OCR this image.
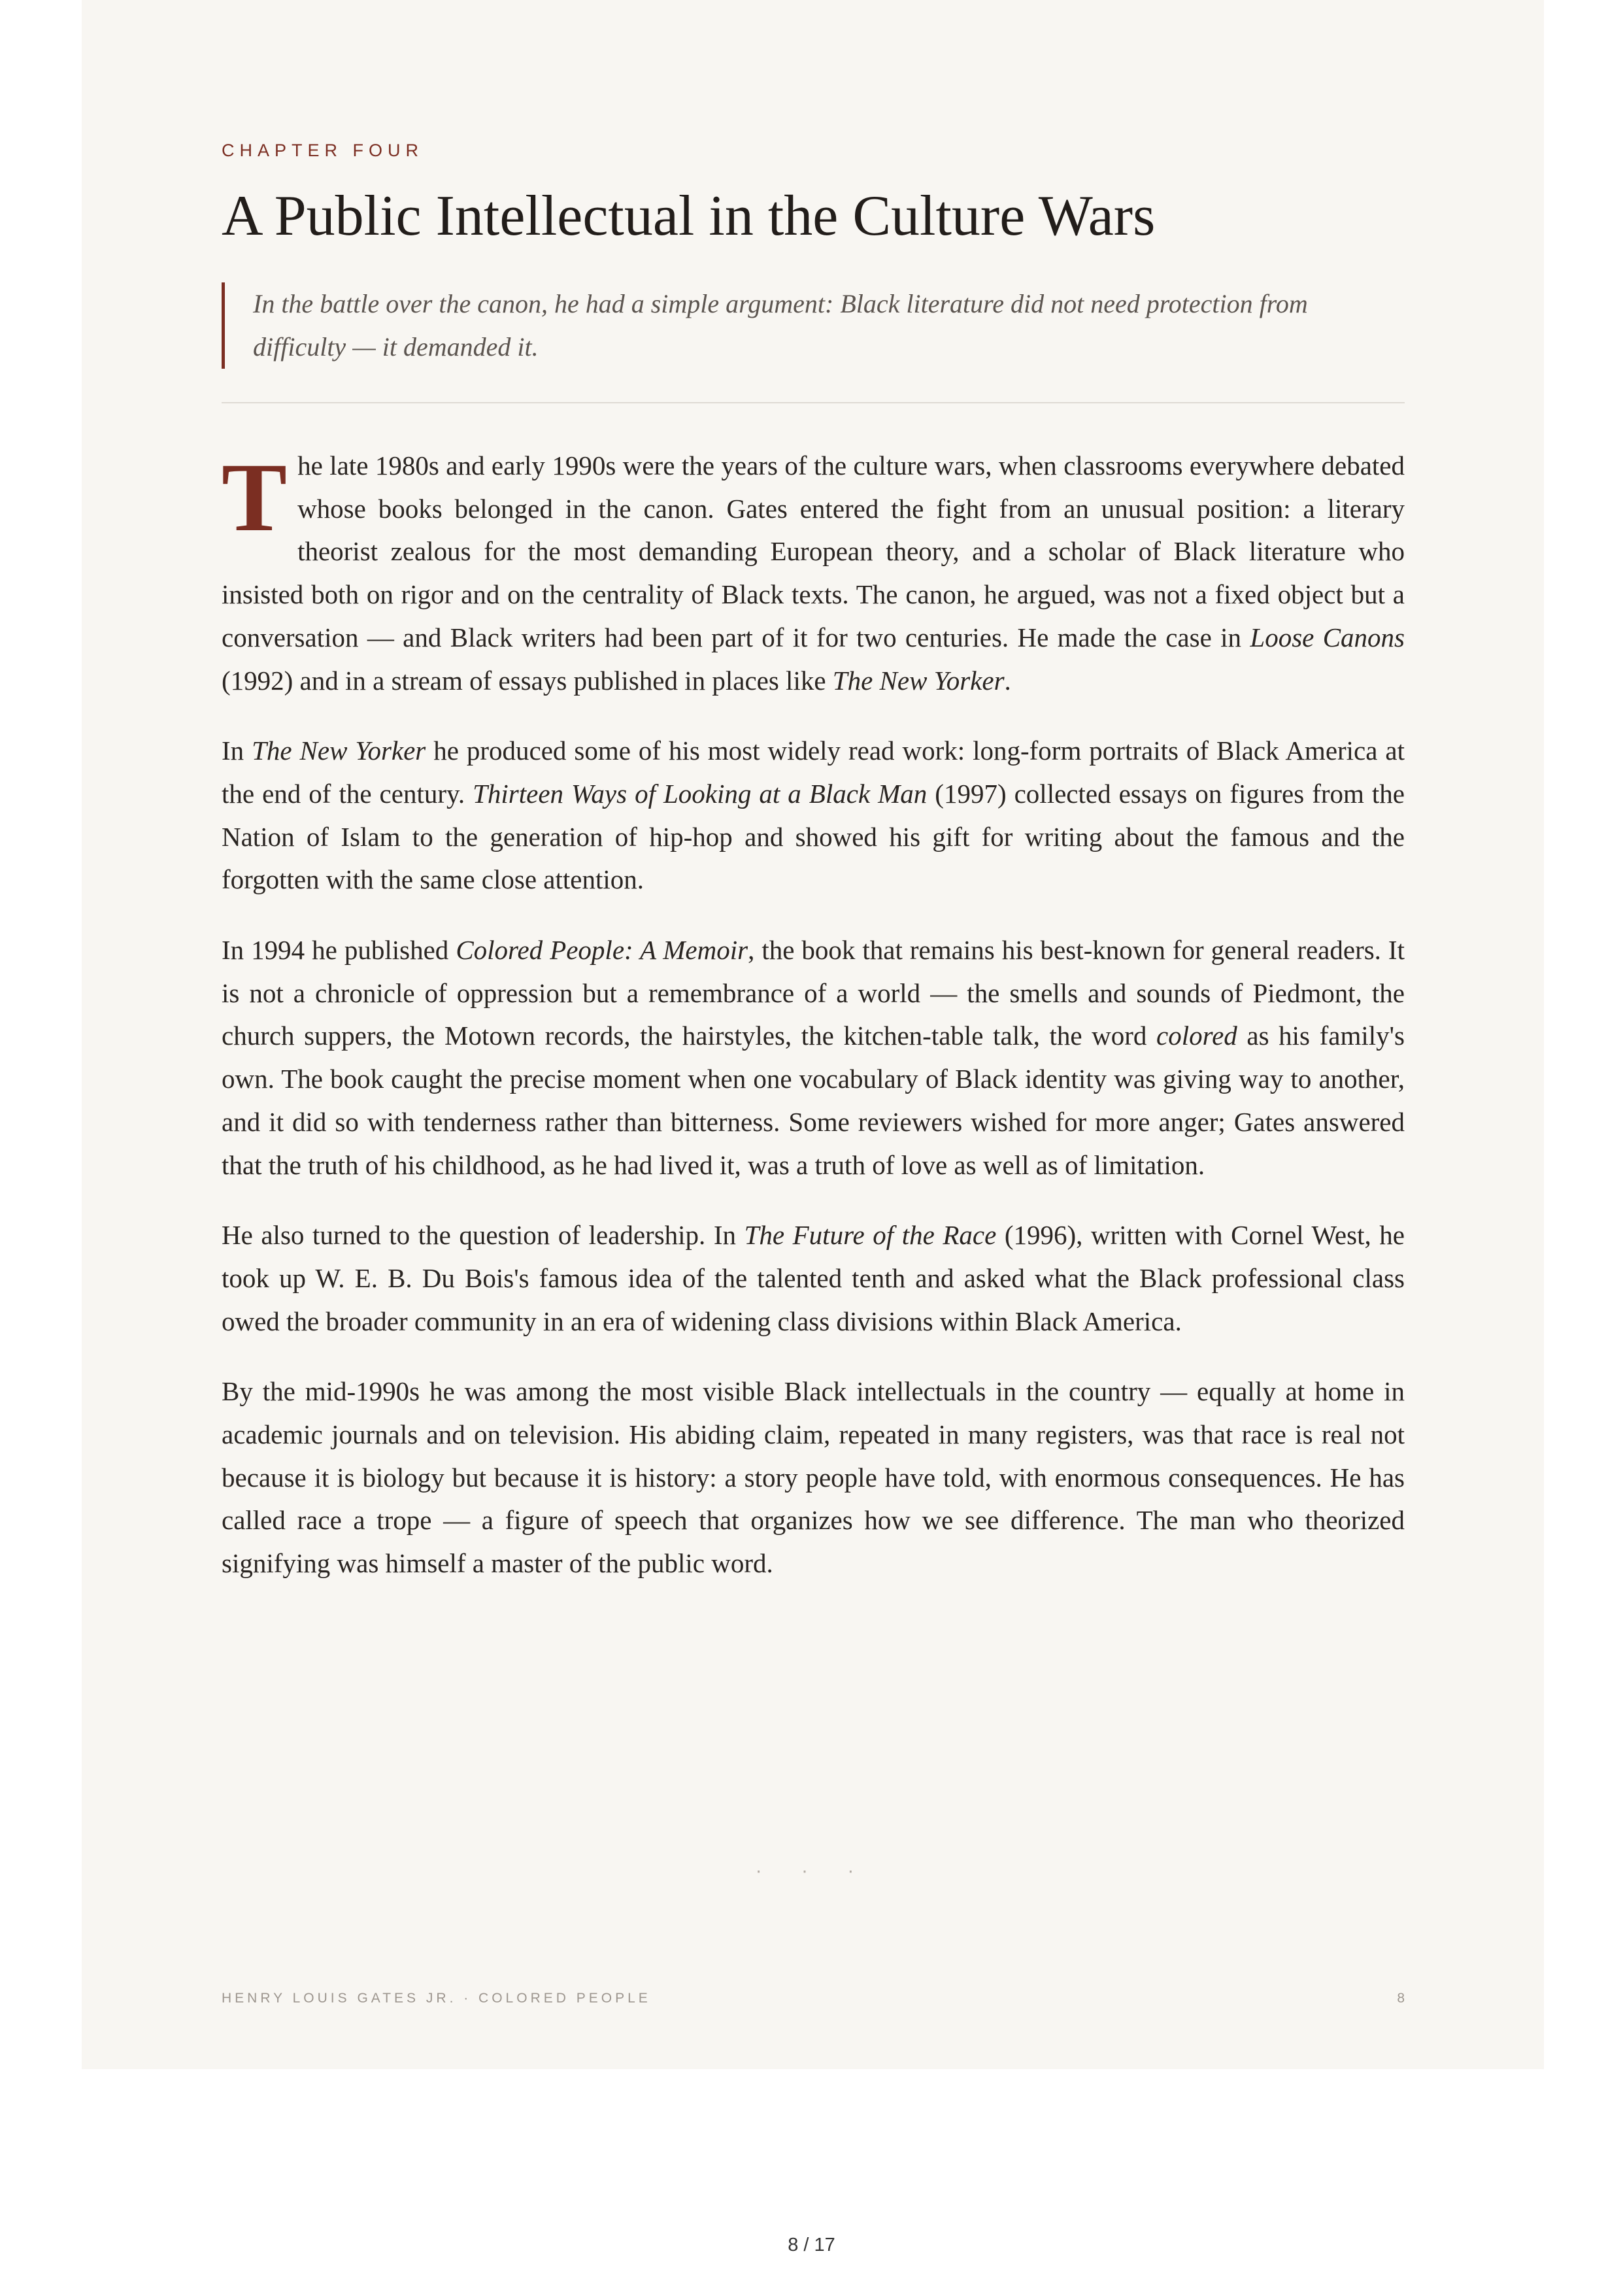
CHAPTER FOUR
A Public Intellectual in the Culture Wars
In the battle over the canon, he had a simple argument: Black literature did not need protection from difficulty — it demanded it.

The late 1980s and early 1990s were the years of the culture wars, when classrooms everywhere debated whose books belonged in the canon. Gates entered the fight from an unusual position: a literary theorist zealous for the most demanding European theory, and a scholar of Black literature who insisted both on rigor and on the centrality of Black texts. The canon, he argued, was not a fixed object but a conversation — and Black writers had been part of it for two centuries. He made the case in Loose Canons (1992) and in a stream of essays published in places like The New Yorker.

In The New Yorker he produced some of his most widely read work: long-form portraits of Black America at the end of the century. Thirteen Ways of Looking at a Black Man (1997) collected essays on figures from the Nation of Islam to the generation of hip-hop and showed his gift for writing about the famous and the forgotten with the same close attention.

In 1994 he published Colored People: A Memoir, the book that remains his best-known for general readers. It is not a chronicle of oppression but a remembrance of a world — the smells and sounds of Piedmont, the church suppers, the Motown records, the hairstyles, the kitchen-table talk, the word colored as his family's own. The book caught the precise moment when one vocabulary of Black identity was giving way to another, and it did so with tenderness rather than bitterness. Some reviewers wished for more anger; Gates answered that the truth of his childhood, as he had lived it, was a truth of love as well as of limitation.

He also turned to the question of leadership. In The Future of the Race (1996), written with Cornel West, he took up W. E. B. Du Bois's famous idea of the talented tenth and asked what the Black professional class owed the broader community in an era of widening class divisions within Black America.

By the mid-1990s he was among the most visible Black intellectuals in the country — equally at home in academic journals and on television. His abiding claim, repeated in many registers, was that race is real not because it is biology but because it is history: a story people have told, with enormous consequences. He has called race a trope — a figure of speech that organizes how we see difference. The man who theorized signifying was himself a master of the public word.

· · ·
HENRY LOUIS GATES JR. · COLORED PEOPLE	8
8 / 17
